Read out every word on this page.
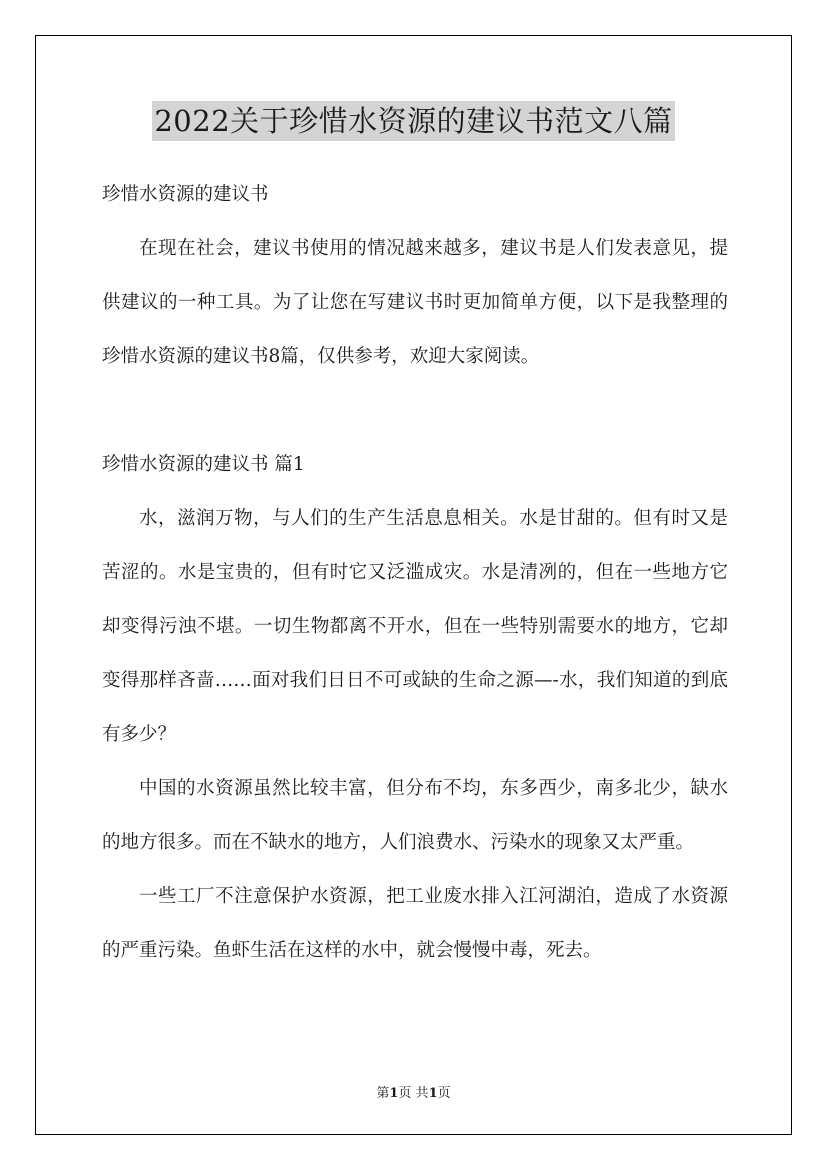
2022关于珍惜水资源的建议书范文八篇

珍惜水资源的建议书

在现在社会，建议书使用的情况越来越多，建议书是人们发表意见，提供建议的一种工具。为了让您在写建议书时更加简单方便，以下是我整理的珍惜水资源的建议书8篇，仅供参考，欢迎大家阅读。

珍惜水资源的建议书 篇1

水，滋润万物，与人们的生产生活息息相关。水是甘甜的。但有时又是苦涩的。水是宝贵的，但有时它又泛滥成灾。水是清冽的，但在一些地方它却变得污浊不堪。一切生物都离不开水，但在一些特别需要水的地方，它却变得那样吝啬……面对我们日日不可或缺的生命之源—-水，我们知道的到底有多少？

中国的水资源虽然比较丰富，但分布不均，东多西少，南多北少，缺水的地方很多。而在不缺水的地方，人们浪费水、污染水的现象又太严重。

一些工厂不注意保护水资源，把工业废水排入江河湖泊，造成了水资源的严重污染。鱼虾生活在这样的水中，就会慢慢中毒，死去。

第1页 共1页
